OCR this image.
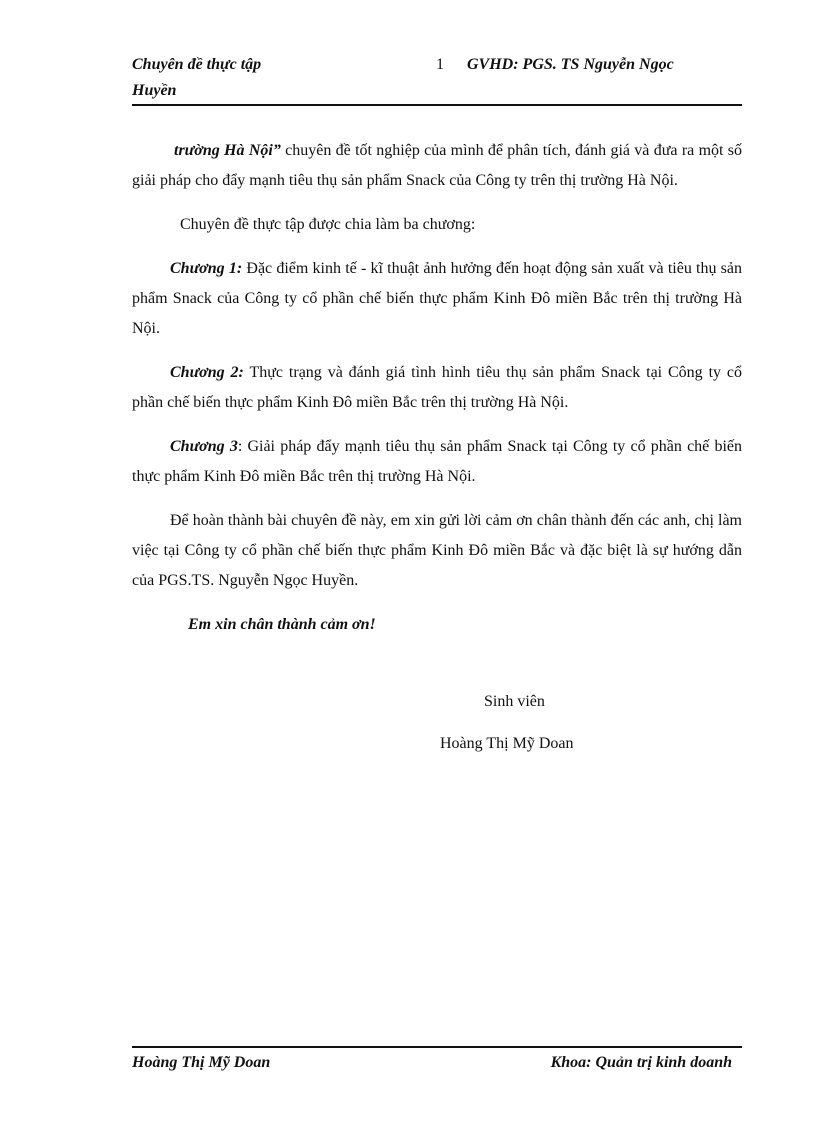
Chuyên đề thực tập
Huyền
1 GVHD: PGS. TS Nguyễn Ngọc

trường Hà Nội” chuyên đề tốt nghiệp của mình để phân tích, đánh giá và đưa ra một số giải pháp cho đẩy mạnh tiêu thụ sản phẩm Snack của Công ty trên thị trường Hà Nội.

Chuyên đề thực tập được chia làm ba chương:

Chương 1: Đặc điểm kinh tế - kĩ thuật ảnh hưởng đến hoạt động sản xuất và tiêu thụ sản phẩm Snack của Công ty cổ phần chế biến thực phẩm Kinh Đô miền Bắc trên thị trường Hà Nội.

Chương 2: Thực trạng và đánh giá tình hình tiêu thụ sản phẩm Snack tại Công ty cổ phần chế biến thực phẩm Kinh Đô miền Bắc trên thị trường Hà Nội.

Chương 3: Giải pháp đẩy mạnh tiêu thụ sản phẩm Snack tại Công ty cổ phần chế biến thực phẩm Kinh Đô miền Bắc trên thị trường Hà Nội.

Để hoàn thành bài chuyên đề này, em xin gửi lời cảm ơn chân thành đến các anh, chị làm việc tại Công ty cổ phần chế biến thực phẩm Kinh Đô miền Bắc và đặc biệt là sự hướng dẫn của PGS.TS. Nguyễn Ngọc Huyền.

Em xin chân thành cảm ơn!

Sinh viên
Hoàng Thị Mỹ Doan
Hoàng Thị Mỹ Doan	Khoa: Quản trị kinh doanh
